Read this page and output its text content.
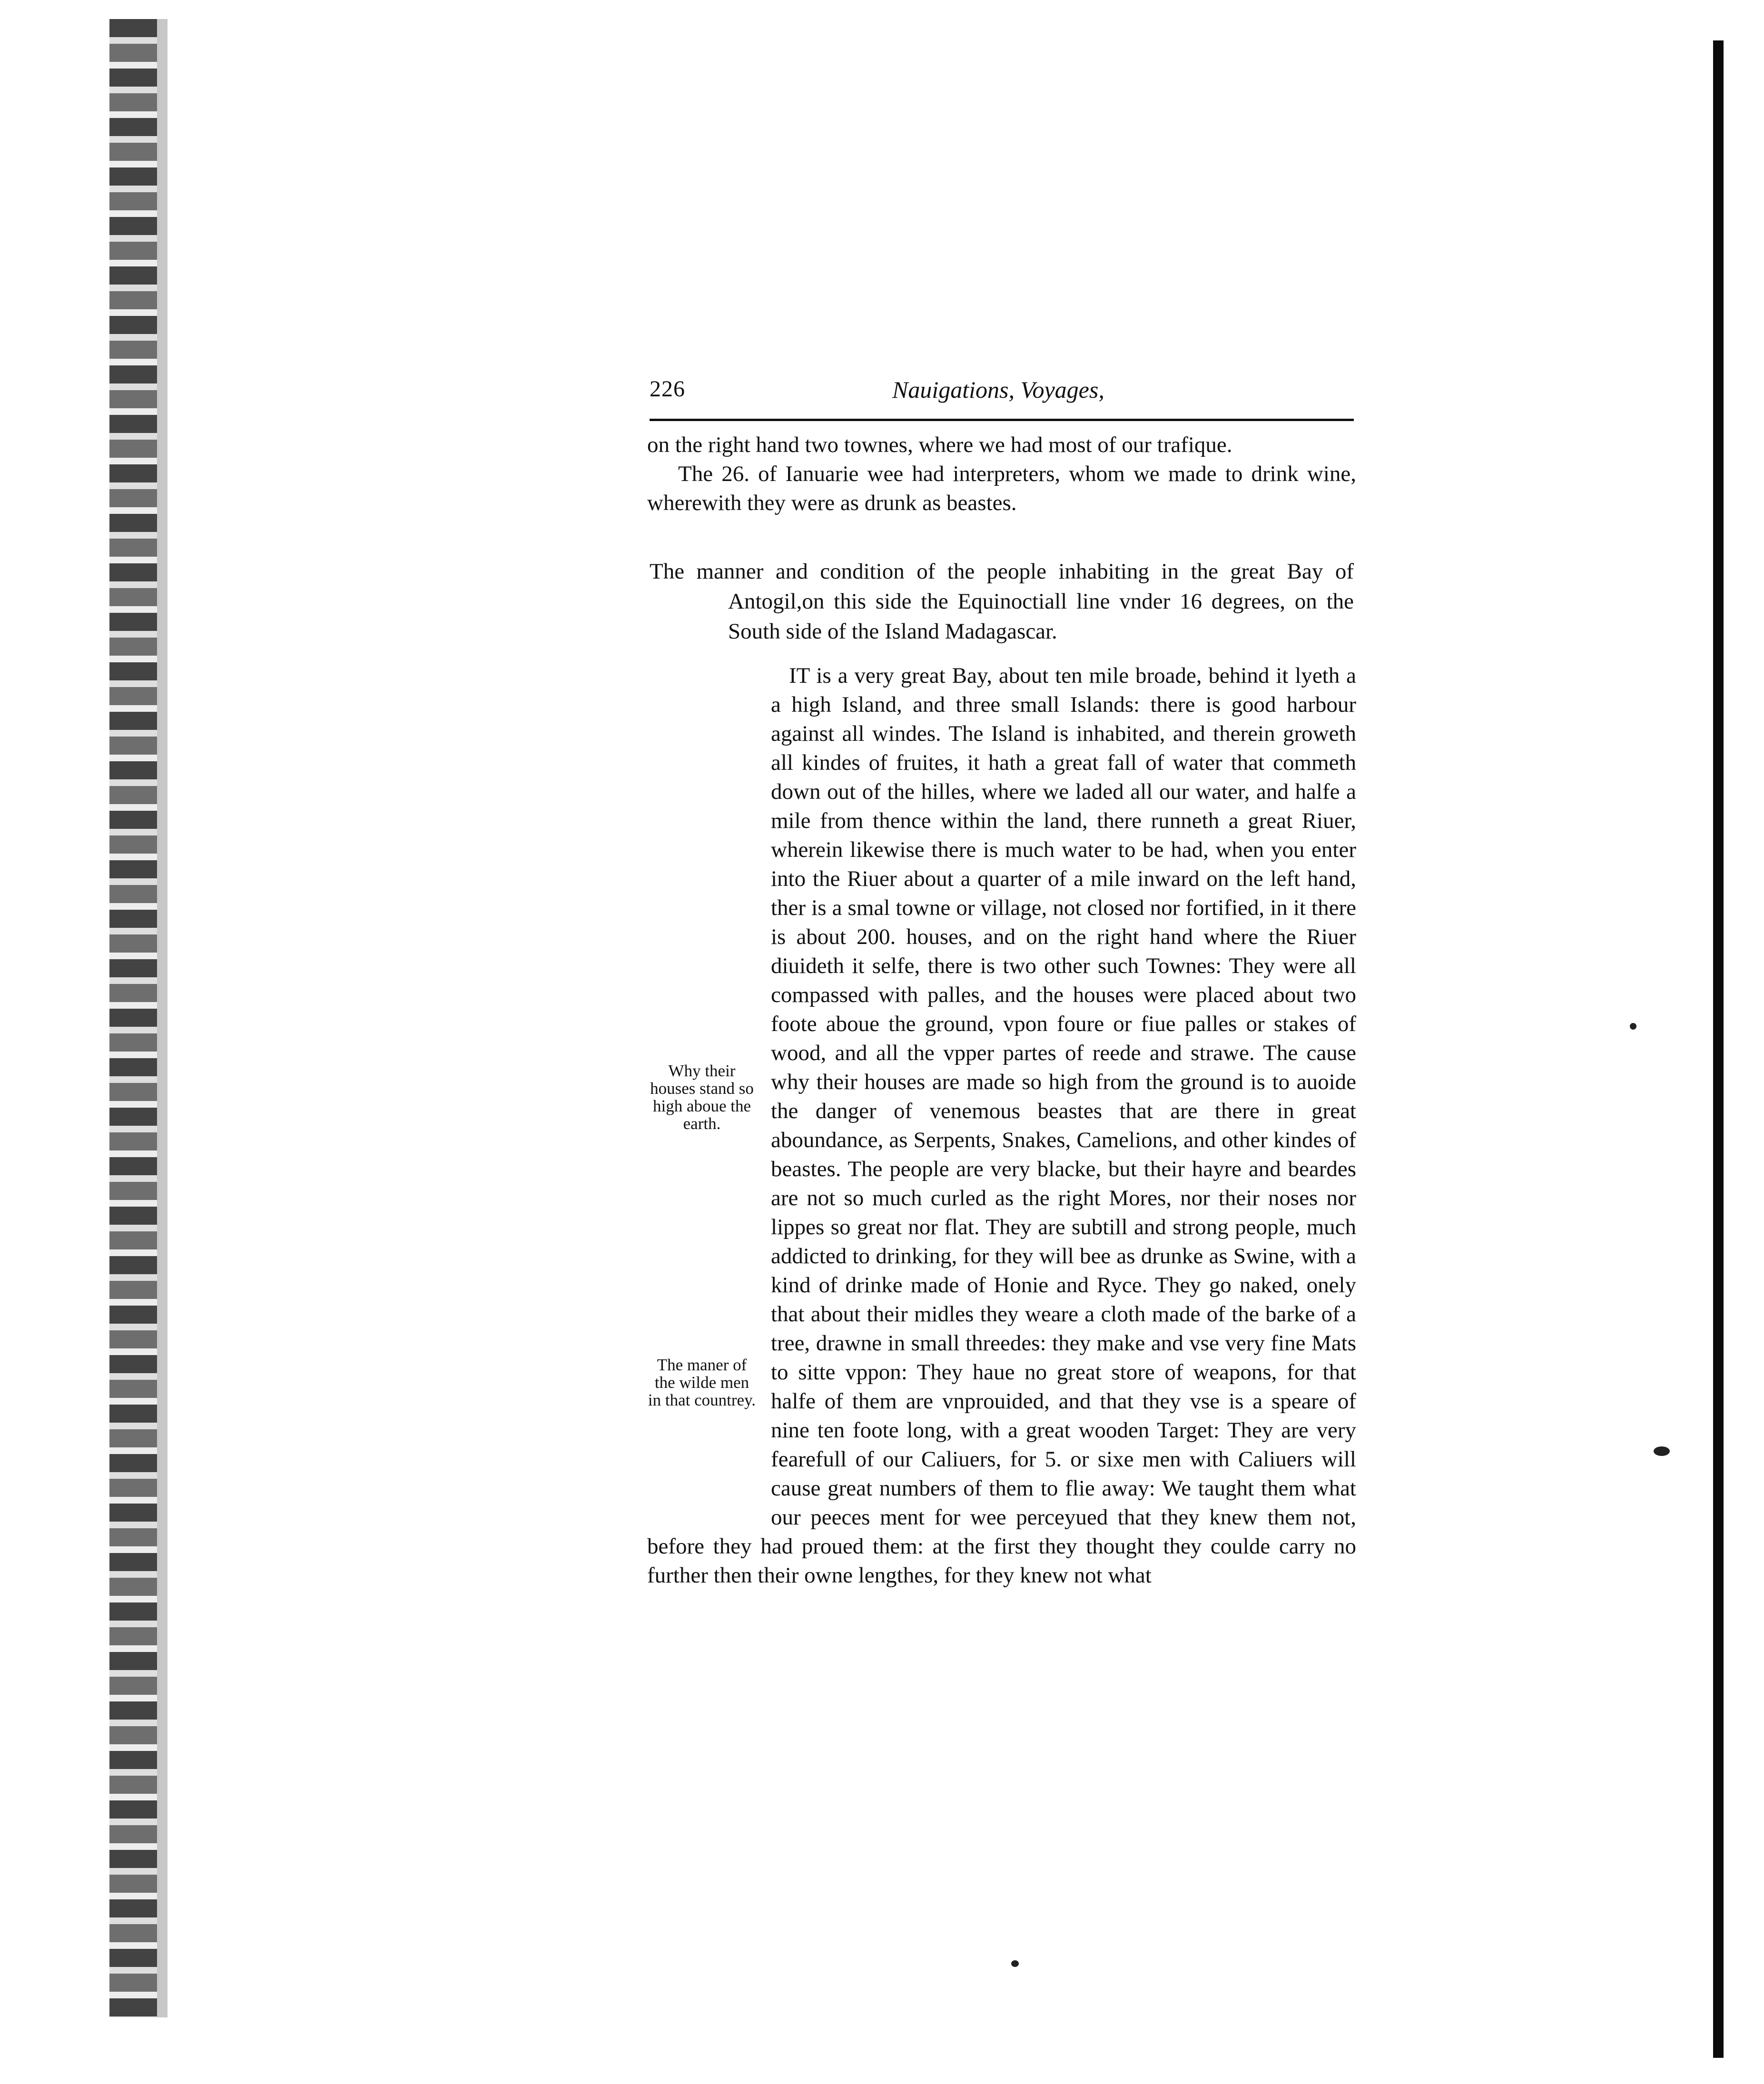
226	Nauigations, Voyages,

on the right hand two townes, where we had most of our trafique.

The 26. of Ianuarie wee had interpreters, whom we made to drink wine, wherewith they were as drunk as beastes.

The manner and condition of the people inhabiting in the great Bay of Antogil,on this side the Equinoctiall line vnder 16 degrees, on the South side of the Island Madagascar.
IT is a very great Bay, about ten mile broade, behind it lyeth a a high Island, and three small Islands: there is good harbour against all windes. The Island is inhabited, and therein groweth all kindes of fruites, it hath a great fall of water that commeth down out of the hilles, where we laded all our water, and halfe a mile from thence within the land, there runneth a great Riuer, wherein likewise there is much water to be had, when you enter into the Riuer about a quarter of a mile inward on the left hand, ther is a smal towne or village, not closed nor fortified, in it there is about 200. houses, and on the right hand where the Riuer diuideth it selfe, there is two other such Townes: They were all compassed with palles, and the houses were placed about two foote aboue the ground, vpon foure or fiue palles or stakes of wood, and all the vpper partes of reede and strawe. The cause why their houses are made so high from the ground is to auoide the danger of venemous beastes that are there in great aboundance, as Serpents, Snakes, Camelions, and other kindes of beastes. The people are very blacke, but their hayre and beardes are not so much curled as the right Mores, nor their noses nor lippes so great nor flat. They are subtill and strong people, much addicted to drinking, for they will bee as drunke as Swine, with a kind of drinke made of Honie and Ryce. They go naked, onely that about their midles they weare a cloth made of the barke of a tree, drawne in small threedes: they make and vse very fine Mats to sitte vppon: They haue no great store of weapons, for that halfe of them are vnprouided, and that they vse is a speare of nine ten foote long, with a great wooden Target: They are very fearefull of our Caliuers, for 5. or sixe men with Caliuers will cause great numbers of them to flie away: We taught them what our peeces ment for wee perceyued that they knew them not, before they had proued them: at the first they thought they coulde carry no further then their owne lengthes, for they knew not what
Why their houses stand so high aboue the earth.
The maner of the wilde men in that countrey.
